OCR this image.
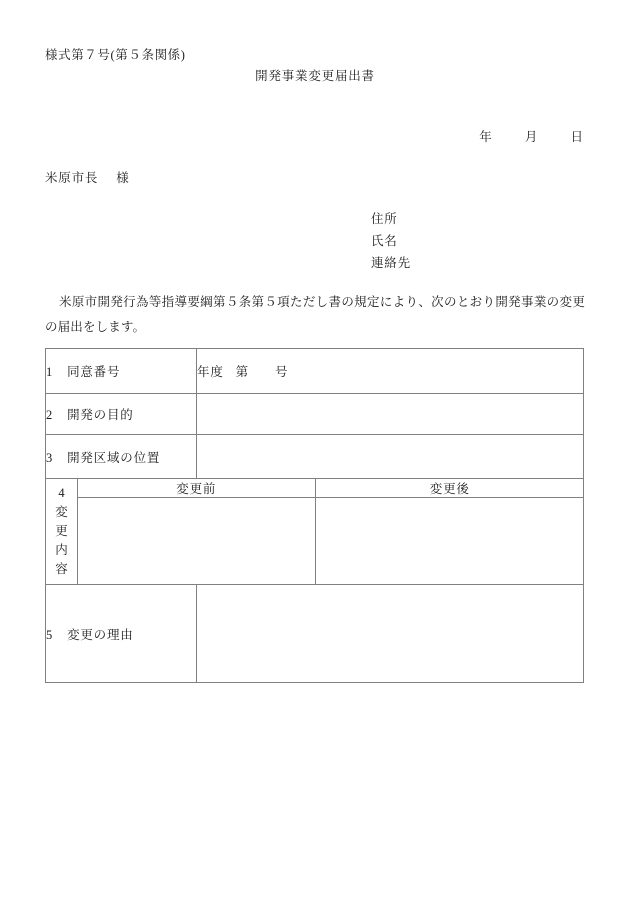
様式第７号(第５条関係)
開発事業変更届出書
年	月	日
米原市長 様
住所
氏名
連絡先
米原市開発行為等指導要綱第５条第５項ただし書の規定により、次のとおり開発事業の変更の届出をします。
1 同意番号	年度 第 号
2 開発の目的	
3 開発区域の位置	

4
変
更
内
容

変更前	変更後

5 変更の理由	
